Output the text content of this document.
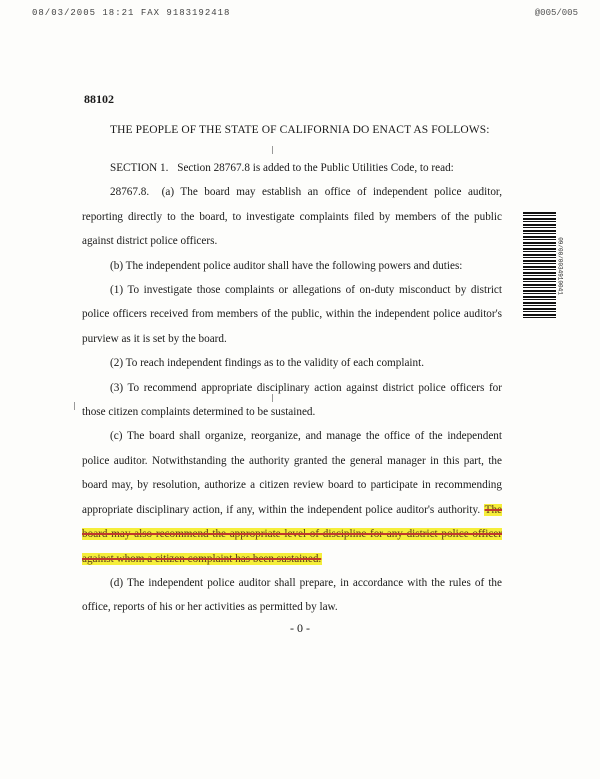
08/03/2005 18:21 FAX 9183192418	@005/005
88102
THE PEOPLE OF THE STATE OF CALIFORNIA DO ENACT AS FOLLOWS:

SECTION 1. Section 28767.8 is added to the Public Utilities Code, to read:

28767.8. (a) The board may establish an office of independent police auditor, reporting directly to the board, to investigate complaints filed by members of the public against district police officers.

(b) The independent police auditor shall have the following powers and duties:

(1) To investigate those complaints or allegations of on-duty misconduct by district police officers received from members of the public, within the independent police auditor's purview as it is set by the board.

(2) To reach independent findings as to the validity of each complaint.

(3) To recommend appropriate disciplinary action against district police officers for those citizen complaints determined to be sustained.

(c) The board shall organize, reorganize, and manage the office of the independent police auditor. Notwithstanding the authority granted the general manager in this part, the board may, by resolution, authorize a citizen review board to participate in recommending appropriate disciplinary action, if any, within the independent police auditor's authority. The board may also recommend the appropriate level of discipline for any district police officer against whom a citizen complaint has been sustained.

(d) The independent police auditor shall prepare, in accordance with the rules of the office, reports of his or her activities as permitted by law.

- 0 -
09/00/0034910041
